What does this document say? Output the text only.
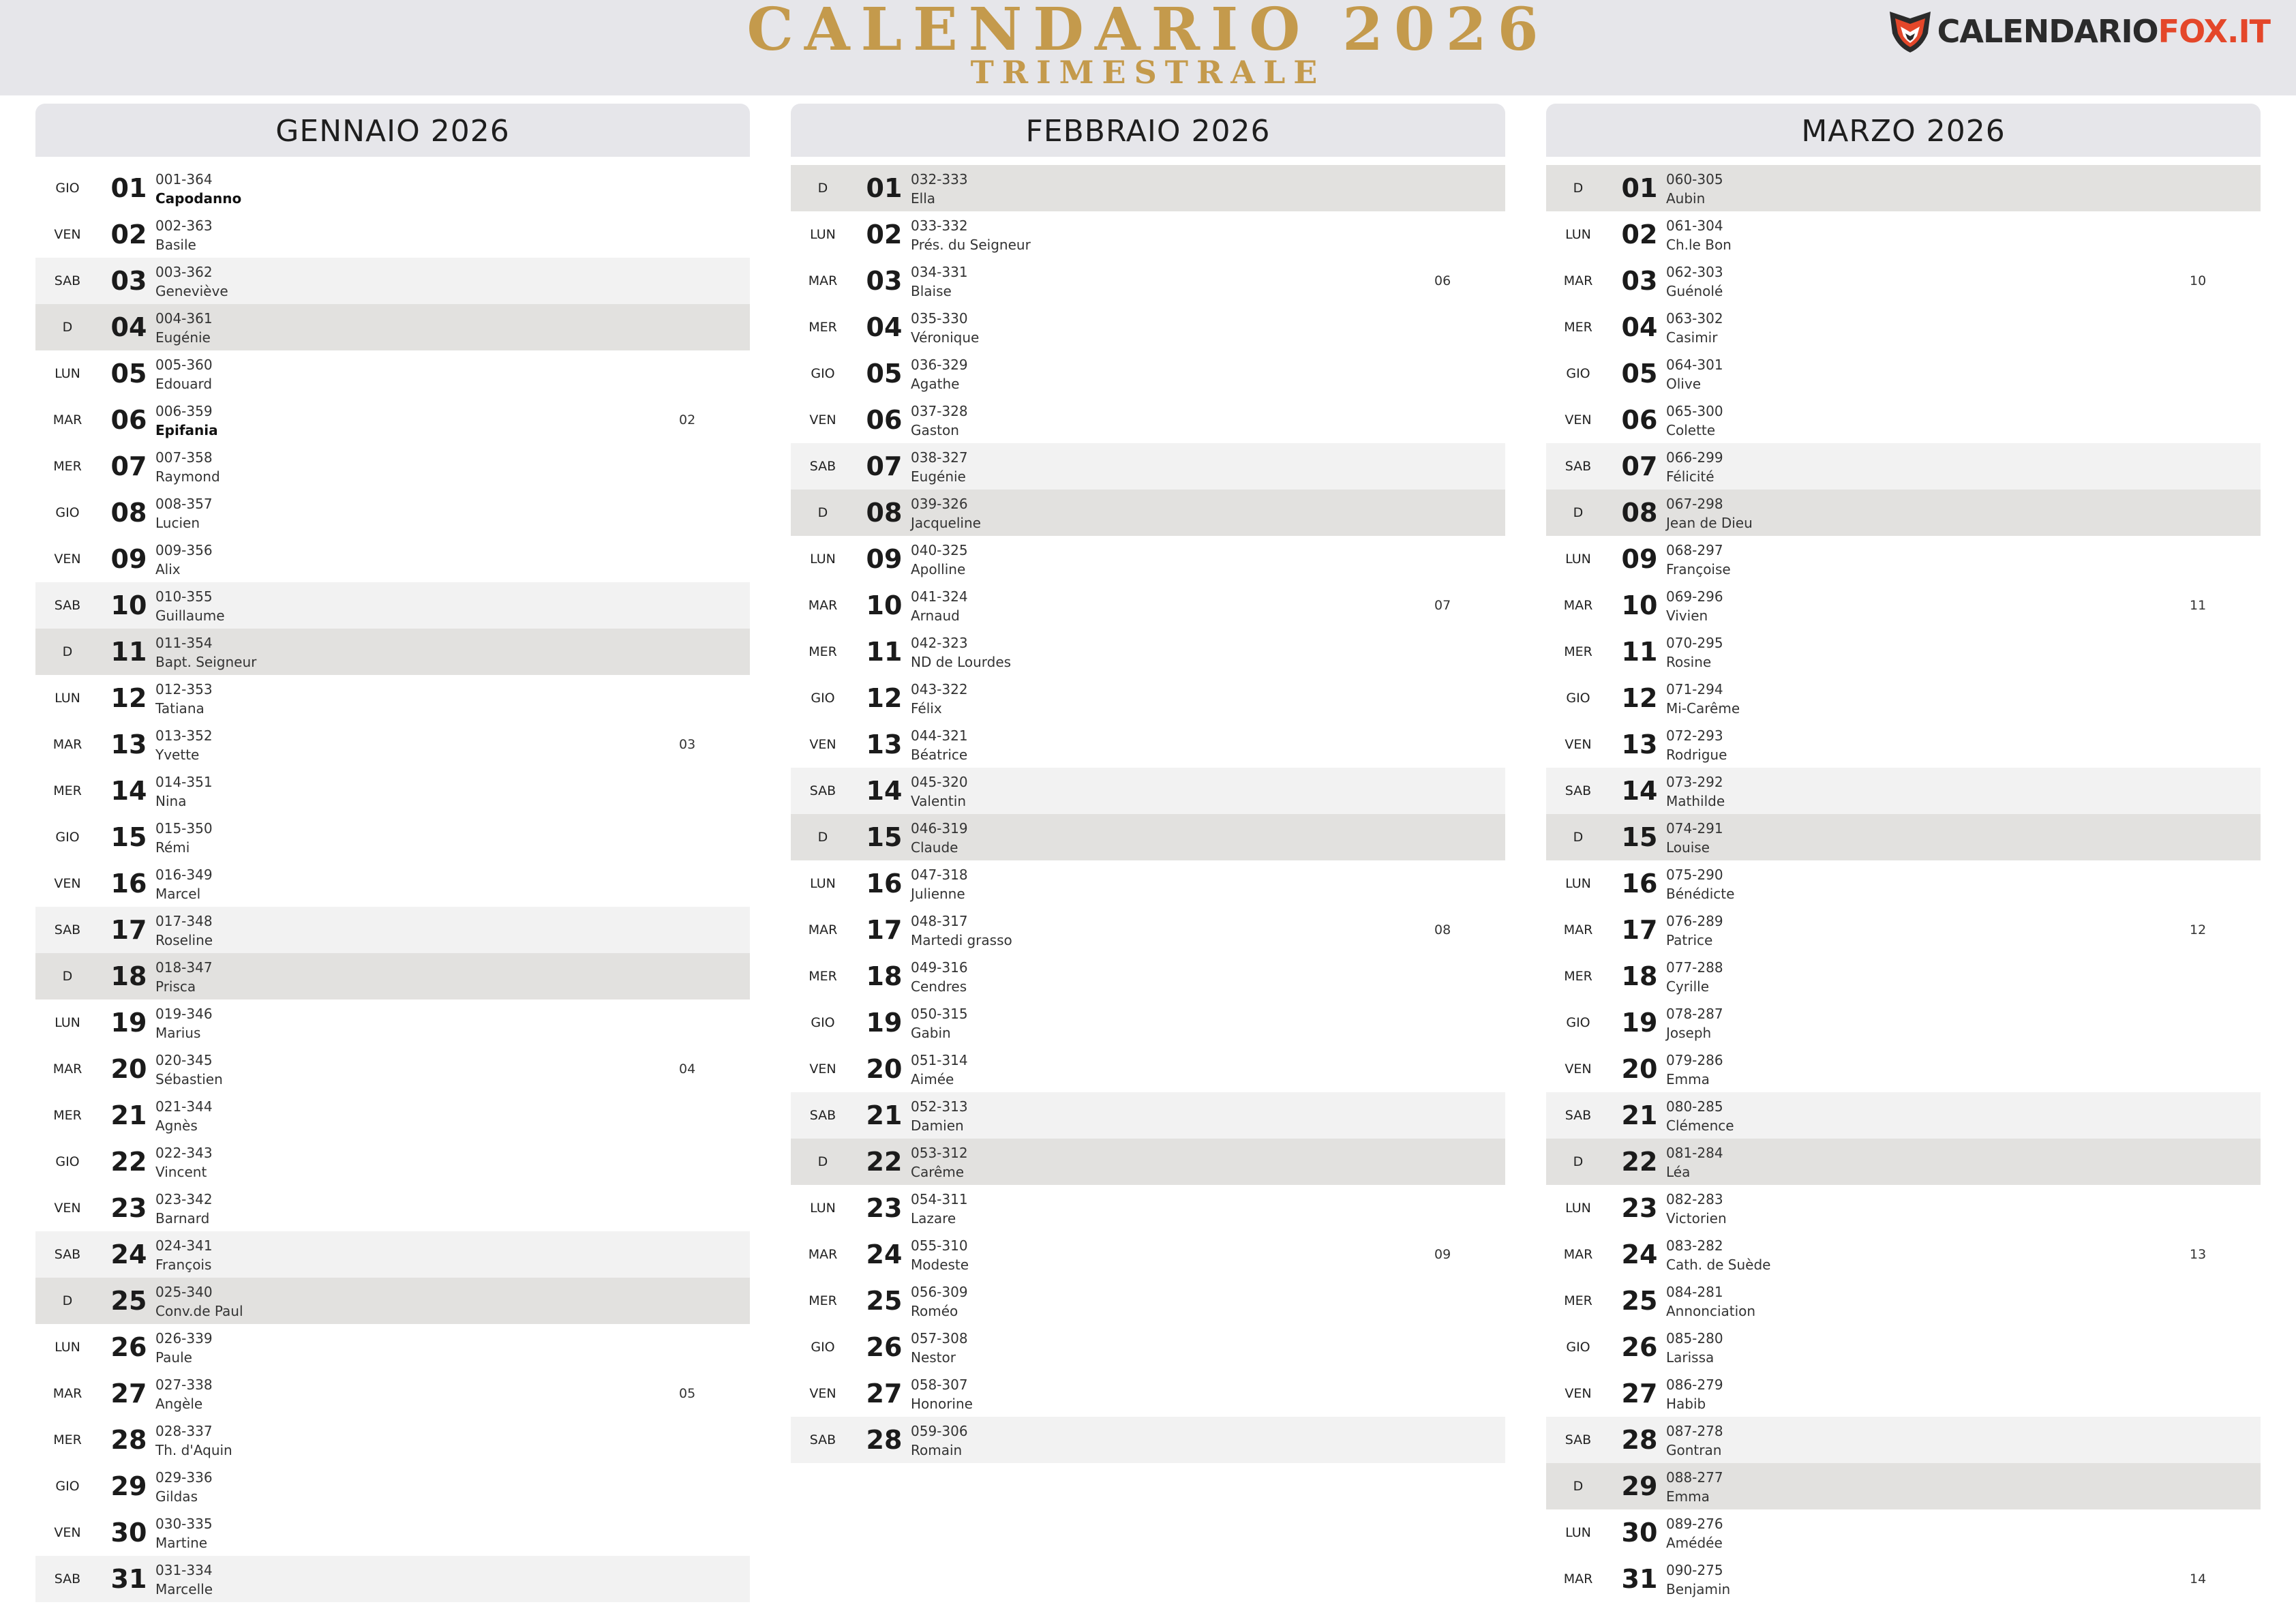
CALENDARIO 2026
TRIMESTRALE
CALENDARIOFOX.IT
GENNAIO 2026
GIO	01 001-364
Capodanno
VEN	02 002-363
Basile
SAB	03 003-362
Geneviève
D	04 004-361
Eugénie
LUN	05 005-360
Edouard
MAR	06 006-359
Epifania
02
MER	07 007-358
Raymond
GIO	08 008-357
Lucien
VEN	09 009-356
Alix
SAB	10 010-355
Guillaume
D	11 011-354
Bapt. Seigneur
LUN	12 012-353
Tatiana
MAR	13 013-352
Yvette
03
MER	14 014-351
Nina
GIO	15 015-350
Rémi
VEN	16 016-349
Marcel
SAB	17 017-348
Roseline
D	18 018-347
Prisca
LUN	19 019-346
Marius
MAR	20 020-345
Sébastien
04
MER	21 021-344
Agnès
GIO	22 022-343
Vincent
VEN	23 023-342
Barnard
SAB	24 024-341
François
D	25 025-340
Conv.de Paul
LUN	26 026-339
Paule
MAR	27 027-338
Angèle
05
MER	28 028-337
Th. d'Aquin
GIO	29 029-336
Gildas
VEN	30 030-335
Martine
SAB	31 031-334
Marcelle
FEBBRAIO 2026
D	01 032-333
Ella
LUN	02 033-332
Prés. du Seigneur
MAR	03 034-331
Blaise
06
MER	04 035-330
Véronique
GIO	05 036-329
Agathe
VEN	06 037-328
Gaston
SAB	07 038-327
Eugénie
D	08 039-326
Jacqueline
LUN	09 040-325
Apolline
MAR	10 041-324
Arnaud
07
MER	11 042-323
ND de Lourdes
GIO	12 043-322
Félix
VEN	13 044-321
Béatrice
SAB	14 045-320
Valentin
D	15 046-319
Claude
LUN	16 047-318
Julienne
MAR	17 048-317
Martedi grasso
08
MER	18 049-316
Cendres
GIO	19 050-315
Gabin
VEN	20 051-314
Aimée
SAB	21 052-313
Damien
D	22 053-312
Carême
LUN	23 054-311
Lazare
MAR	24 055-310
Modeste
09
MER	25 056-309
Roméo
GIO	26 057-308
Nestor
VEN	27 058-307
Honorine
SAB	28 059-306
Romain
MARZO 2026
D	01 060-305
Aubin
LUN	02 061-304
Ch.le Bon
MAR	03 062-303
Guénolé
10
MER	04 063-302
Casimir
GIO	05 064-301
Olive
VEN	06 065-300
Colette
SAB	07 066-299
Félicité
D	08 067-298
Jean de Dieu
LUN	09 068-297
Françoise
MAR	10 069-296
Vivien
11
MER	11 070-295
Rosine
GIO	12 071-294
Mi-Carême
VEN	13 072-293
Rodrigue
SAB	14 073-292
Mathilde
D	15 074-291
Louise
LUN	16 075-290
Bénédicte
MAR	17 076-289
Patrice
12
MER	18 077-288
Cyrille
GIO	19 078-287
Joseph
VEN	20 079-286
Emma
SAB	21 080-285
Clémence
D	22 081-284
Léa
LUN	23 082-283
Victorien
MAR	24 083-282
Cath. de Suède
13
MER	25 084-281
Annonciation
GIO	26 085-280
Larissa
VEN	27 086-279
Habib
SAB	28 087-278
Gontran
D	29 088-277
Emma
LUN	30 089-276
Amédée
MAR	31 090-275
Benjamin
14
